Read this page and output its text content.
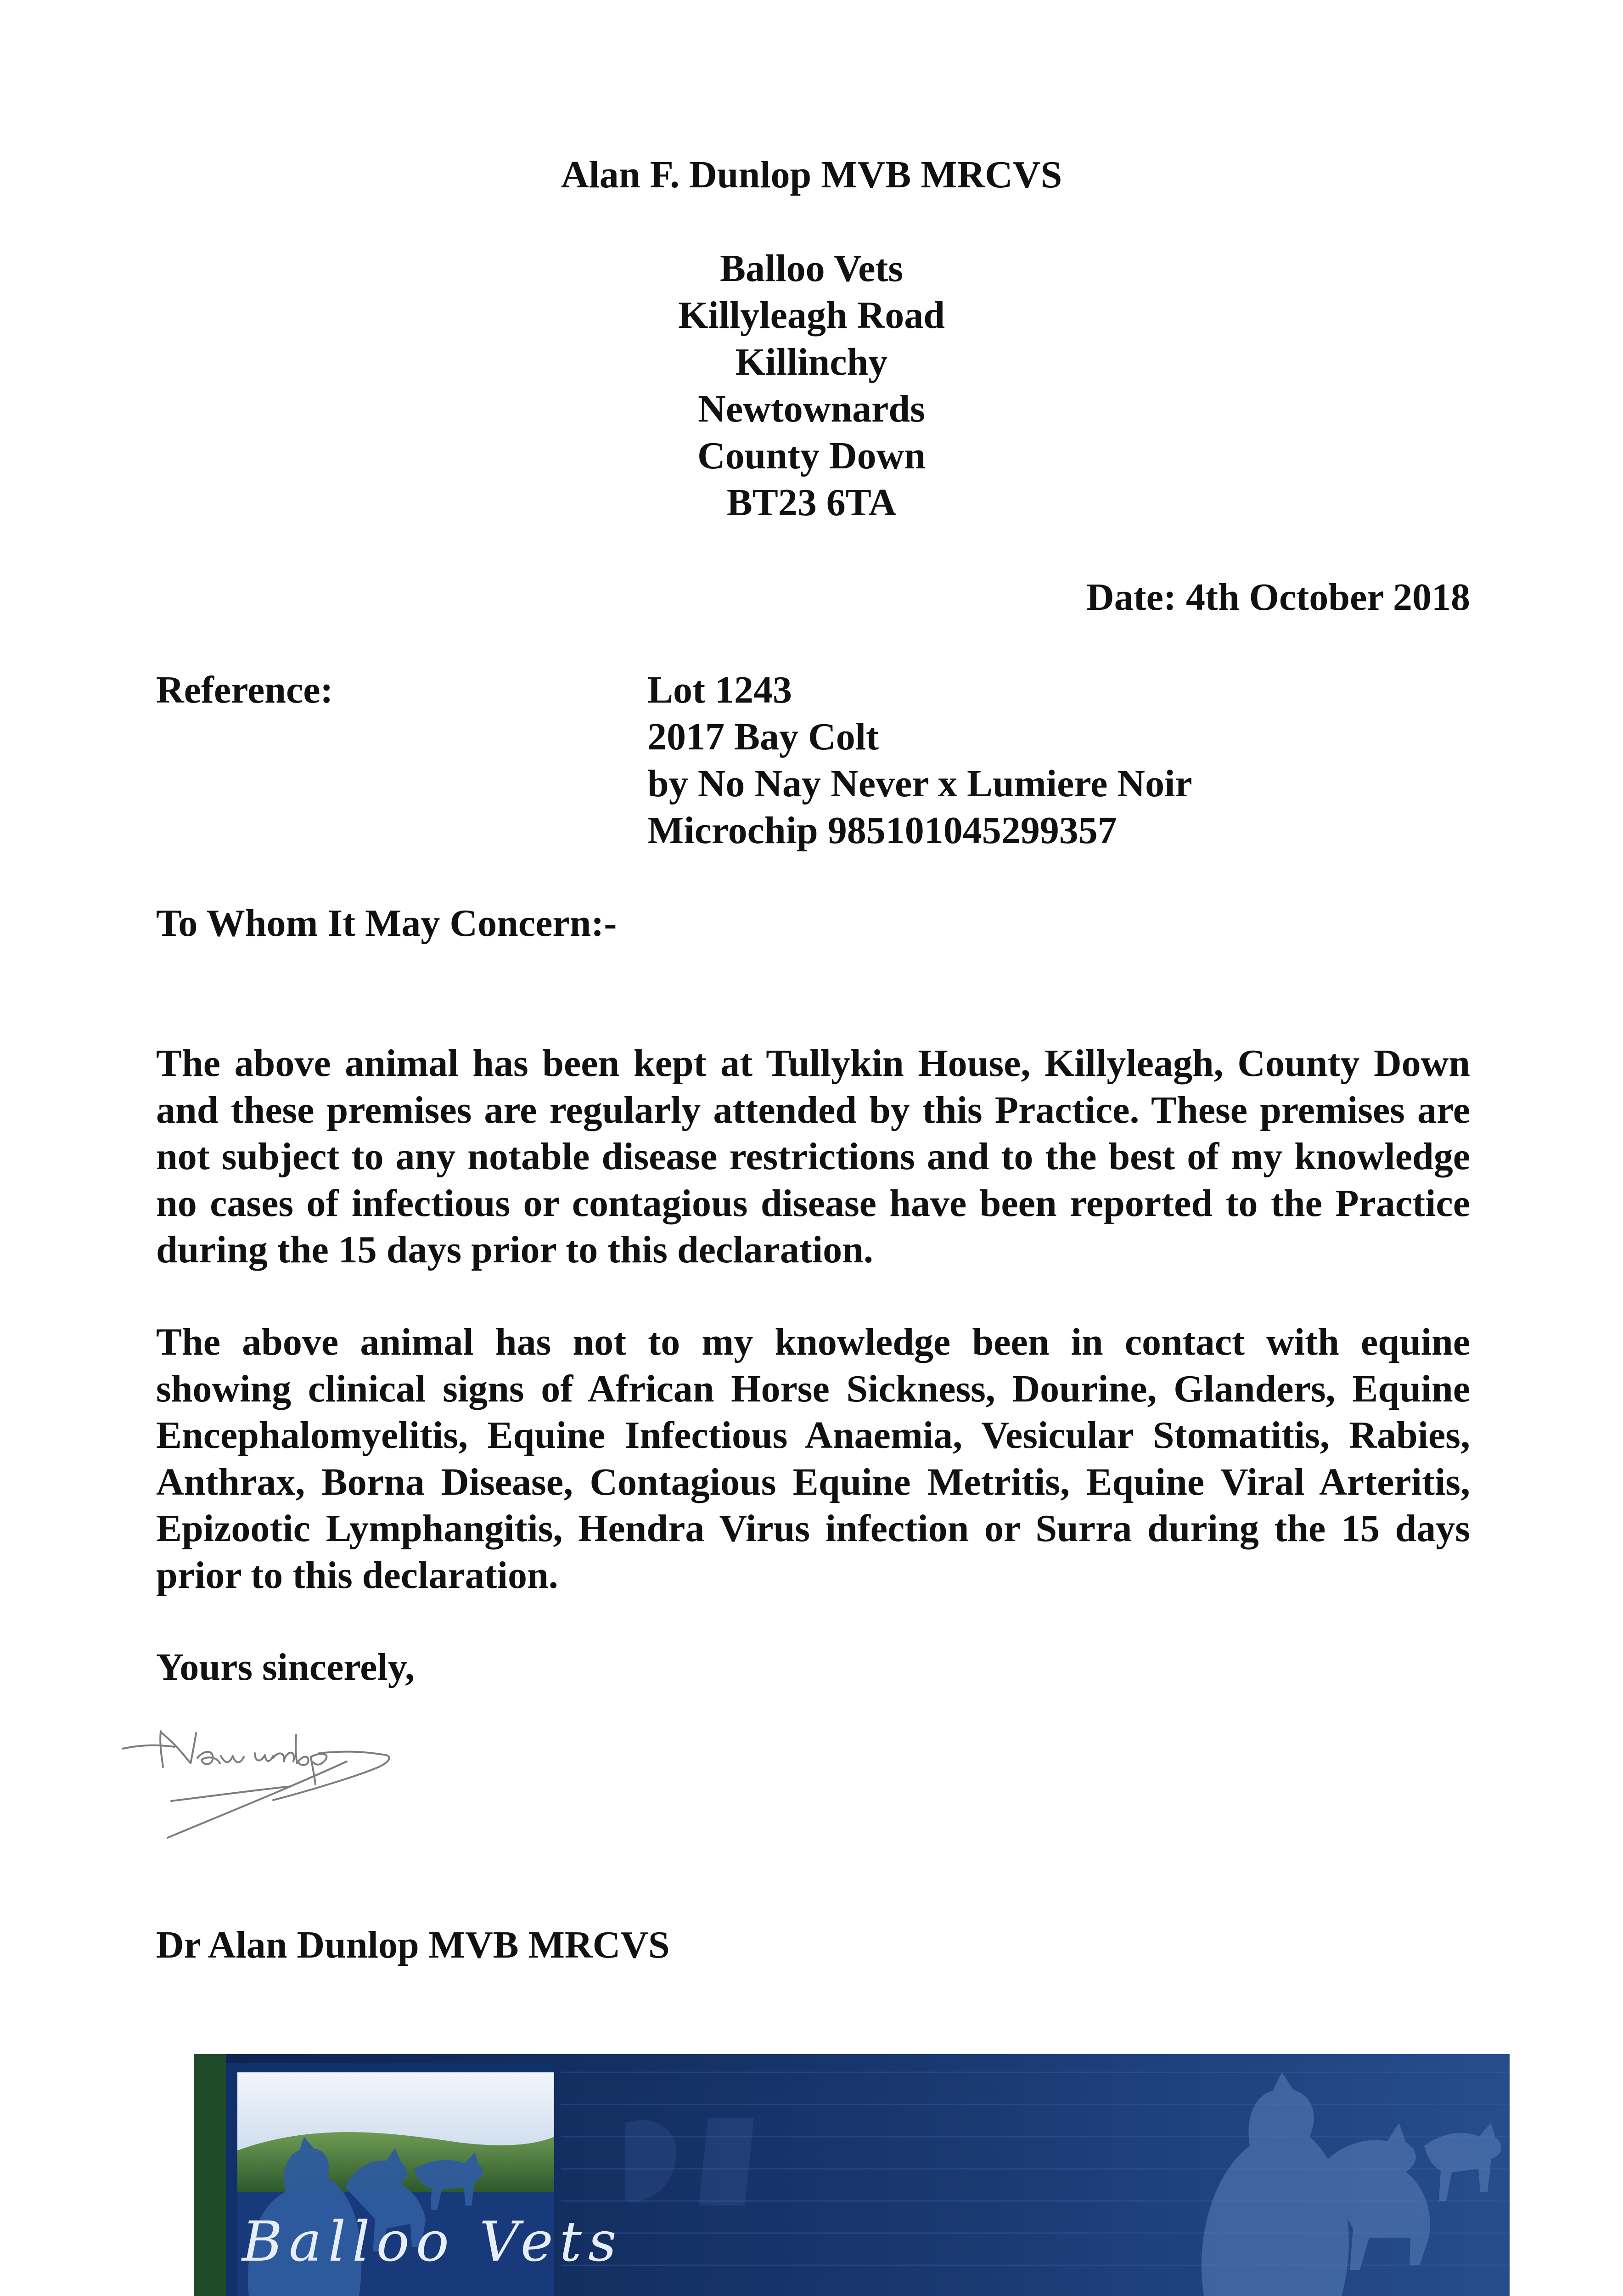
Alan F. Dunlop MVB MRCVS
Balloo Vets
Killyleagh Road
Killinchy
Newtownards
County Down
BT23 6TA
Date: 4th October 2018
Reference:	Lot 1243
2017 Bay Colt
by No Nay Never x Lumiere Noir
Microchip 985101045299357
To Whom It May Concern:-
The above animal has been kept at Tullykin House, Killyleagh, County Down and these premises are regularly attended by this Practice. These premises are not subject to any notable disease restrictions and to the best of my knowledge no cases of infectious or contagious disease have been reported to the Practice during the 15 days prior to this declaration.
The above animal has not to my knowledge been in contact with equine showing clinical signs of African Horse Sickness, Dourine, Glanders, Equine Encephalomyelitis, Equine Infectious Anaemia, Vesicular Stomatitis, Rabies, Anthrax, Borna Disease, Contagious Equine Metritis, Equine Viral Arteritis, Epizootic Lymphangitis, Hendra Virus infection or Surra during the 15 days prior to this declaration.
Yours sincerely,
Dr Alan Dunlop MVB MRCVS
Balloo Vets
